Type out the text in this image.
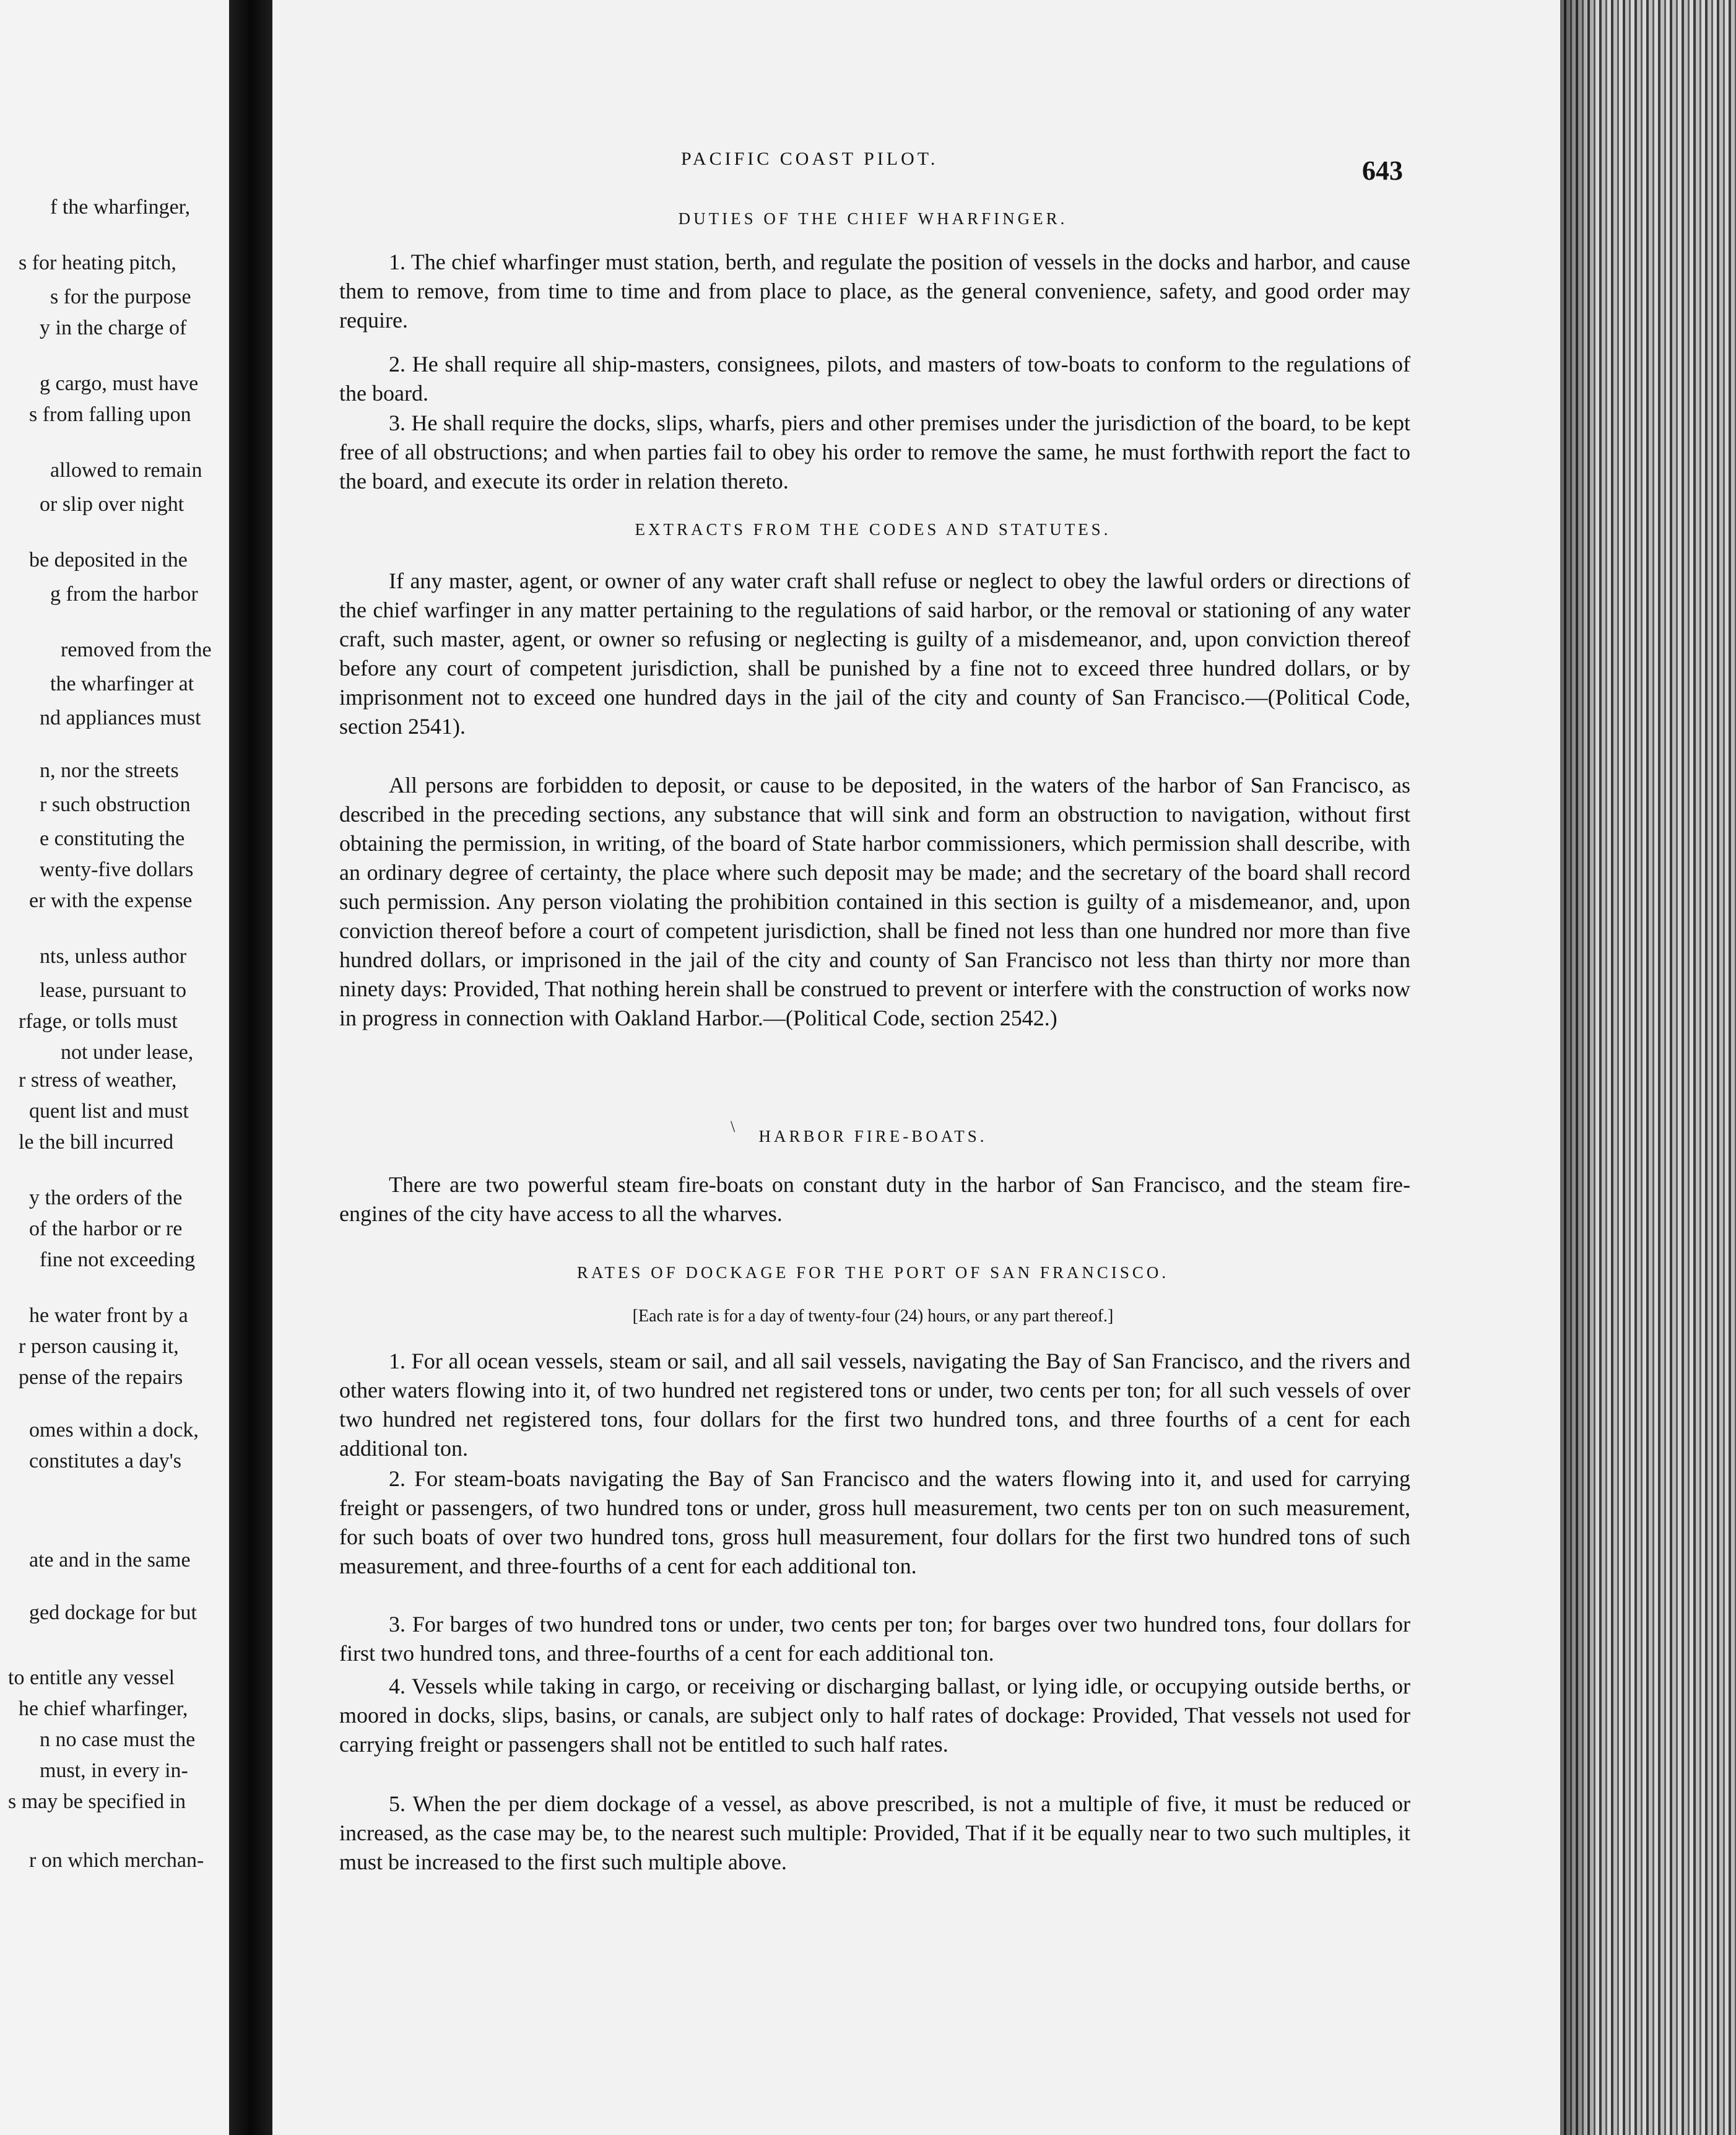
f the wharfinger,
s for heating pitch,
s for the purpose
y in the charge of
g cargo, must have
s from falling upon
allowed to remain
or slip over night
be deposited in the
g from the harbor
removed from the
the wharfinger at
nd appliances must
n, nor the streets
r such obstruction
e constituting the
wenty-five dollars
er with the expense
nts, unless author
lease, pursuant to
rfage, or tolls must
not under lease,
r stress of weather,
quent list and must
le the bill incurred
y the orders of the
of the harbor or re
fine not exceeding
he water front by a
r person causing it,
pense of the repairs
omes within a dock,
constitutes a day's
ate and in the same
ged dockage for but
to entitle any vessel
he chief wharfinger,
n no case must the
must, in every in-
s may be specified in
r on which merchan-
PACIFIC COAST PILOT.	643
DUTIES OF THE CHIEF WHARFINGER.

1. The chief wharfinger must station, berth, and regulate the position of vessels in the docks and harbor, and cause them to remove, from time to time and from place to place, as the general convenience, safety, and good order may require.

2. He shall require all ship-masters, consignees, pilots, and masters of tow-boats to conform to the regulations of the board.

3. He shall require the docks, slips, wharfs, piers and other premises under the jurisdiction of the board, to be kept free of all obstructions; and when parties fail to obey his order to remove the same, he must forthwith report the fact to the board, and execute its order in relation thereto.

EXTRACTS FROM THE CODES AND STATUTES.

If any master, agent, or owner of any water craft shall refuse or neglect to obey the lawful orders or directions of the chief warfinger in any matter pertaining to the regulations of said harbor, or the removal or stationing of any water craft, such master, agent, or owner so refusing or neglecting is guilty of a misdemeanor, and, upon conviction thereof before any court of competent jurisdiction, shall be punished by a fine not to exceed three hundred dollars, or by imprisonment not to exceed one hundred days in the jail of the city and county of San Francisco.—(Political Code, section 2541).

All persons are forbidden to deposit, or cause to be deposited, in the waters of the harbor of San Francisco, as described in the preceding sections, any substance that will sink and form an obstruction to navigation, without first obtaining the permission, in writing, of the board of State harbor commissioners, which permission shall describe, with an ordinary degree of certainty, the place where such deposit may be made; and the secretary of the board shall record such permission. Any person violating the prohibition contained in this section is guilty of a misdemeanor, and, upon conviction thereof before a court of competent jurisdiction, shall be fined not less than one hundred nor more than five hundred dollars, or imprisoned in the jail of the city and county of San Francisco not less than thirty nor more than ninety days: Provided, That nothing herein shall be construed to prevent or interfere with the construction of works now in progress in connection with Oakland Harbor.—(Political Code, section 2542.)

\
HARBOR FIRE-BOATS.

There are two powerful steam fire-boats on constant duty in the harbor of San Francisco, and the steam fire-engines of the city have access to all the wharves.

RATES OF DOCKAGE FOR THE PORT OF SAN FRANCISCO.
[Each rate is for a day of twenty-four (24) hours, or any part thereof.]

1. For all ocean vessels, steam or sail, and all sail vessels, navigating the Bay of San Francisco, and the rivers and other waters flowing into it, of two hundred net registered tons or under, two cents per ton; for all such vessels of over two hundred net registered tons, four dollars for the first two hundred tons, and three fourths of a cent for each additional ton.

2. For steam-boats navigating the Bay of San Francisco and the waters flowing into it, and used for carrying freight or passengers, of two hundred tons or under, gross hull measurement, two cents per ton on such measurement, for such boats of over two hundred tons, gross hull measurement, four dollars for the first two hundred tons of such measurement, and three-fourths of a cent for each additional ton.

3. For barges of two hundred tons or under, two cents per ton; for barges over two hundred tons, four dollars for first two hundred tons, and three-fourths of a cent for each additional ton.

4. Vessels while taking in cargo, or receiving or discharging ballast, or lying idle, or occupying outside berths, or moored in docks, slips, basins, or canals, are subject only to half rates of dockage: Provided, That vessels not used for carrying freight or passengers shall not be entitled to such half rates.

5. When the per diem dockage of a vessel, as above prescribed, is not a multiple of five, it must be reduced or increased, as the case may be, to the nearest such multiple: Provided, That if it be equally near to two such multiples, it must be increased to the first such multiple above.
